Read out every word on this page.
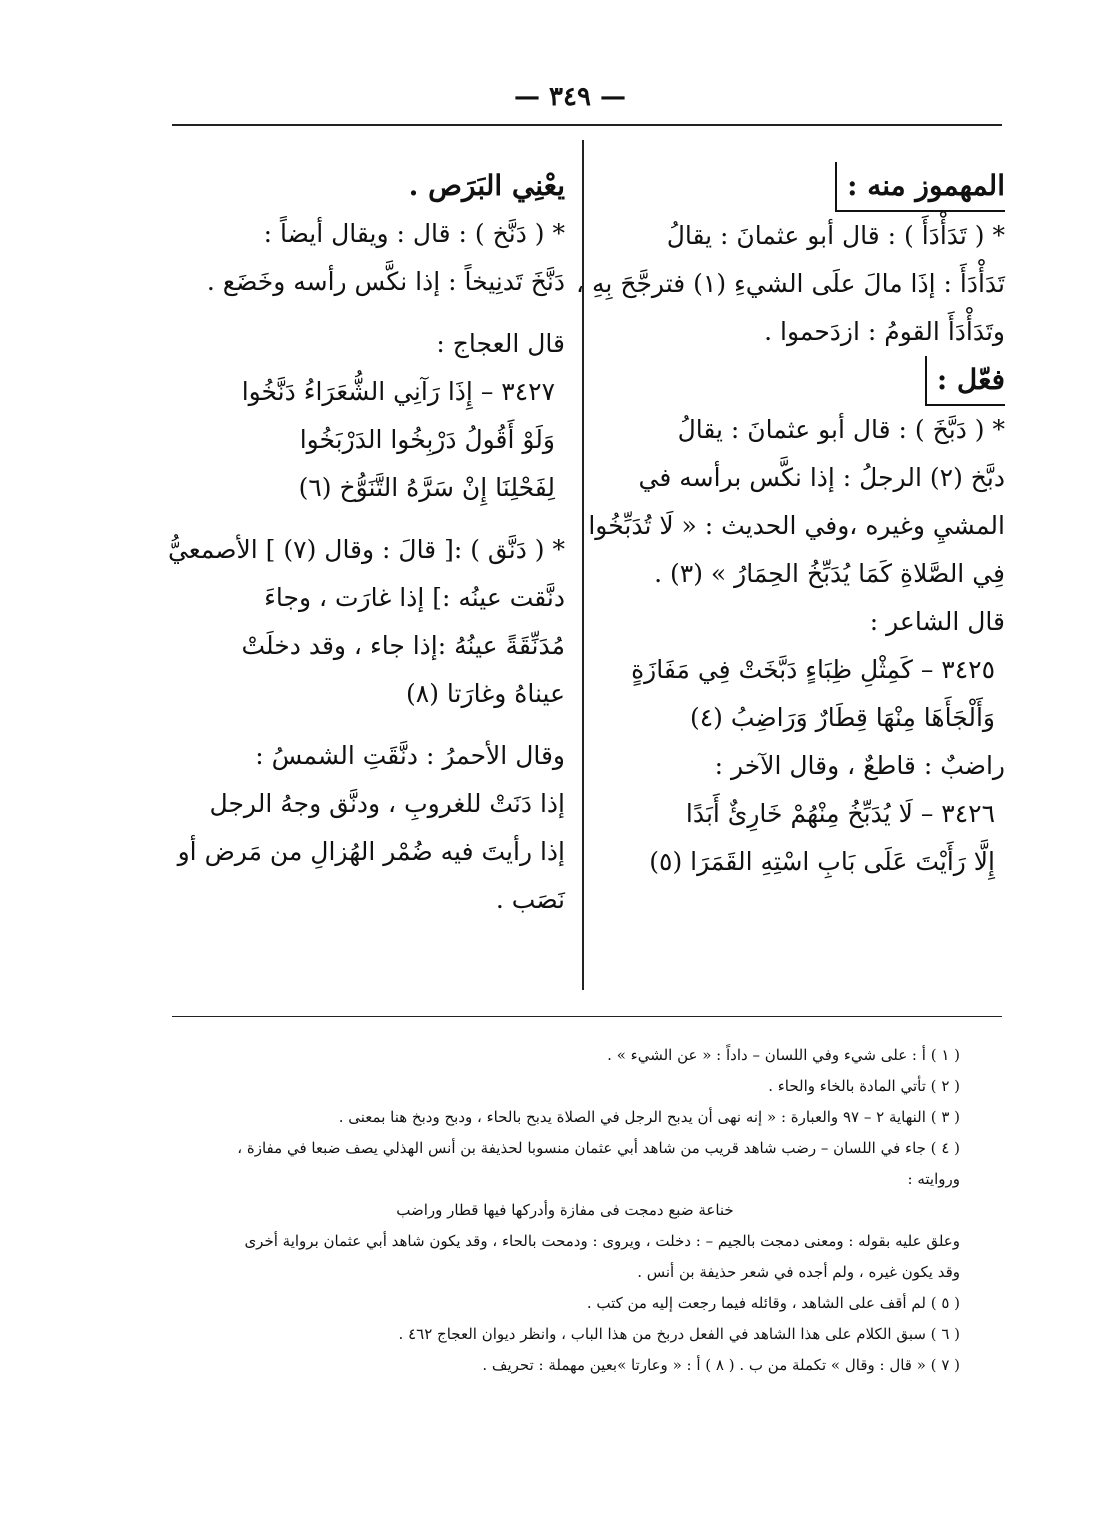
— ٣٤٩ —

المهموز منه :

* ( تَدَأْدَأَ ) : قال أبو عثمانَ : يقالُ

تَدَأْدَأَ : إذَا مالَ علَى الشيءِ (١) فترجَّحَ بِهِ ،

وتَدَأْدَأَ القومُ : ازدَحموا .

فعّل :

* ( دَبَّخَ ) : قال أبو عثمانَ : يقالُ

دبَّخ (٢) الرجلُ : إذا نكَّس برأسه في

المشيِ وغيره ،وفي الحديث : « لَا تُدَبِّخُوا

فِي الصَّلاةِ كَمَا يُدَبِّخُ الحِمَارُ » (٣) .

قال الشاعر :

٣٤٢٥ – كَمِثْلِ ظِبَاءٍ دَبَّخَتْ فِي مَفَازَةٍ

وَأَلْجَأَهَا مِنْهَا قِطَارٌ وَرَاضِبُ (٤)

راضبٌ : قاطعٌ ، وقال الآخر :

٣٤٢٦ – لَا يُدَبِّخُ مِنْهُمْ خَارِئٌ أَبَدًا

إِلَّا رَأَيْتَ عَلَى بَابِ اسْتِهِ القَمَرَا (٥)

يعْنِي البَرَص .

* ( دَنَّخ ) : قال : ويقال أيضاً :

دَنَّخَ تَدنِيخاً : إذا نكَّس رأسه وخَضَع .

قال العجاج :

٣٤٢٧ – إِذَا رَآنِي الشُّعَرَاءُ دَنَّخُوا

وَلَوْ أَقُولُ دَرْبِخُوا الدَرْبَخُوا

لِفَحْلِنَا إِنْ سَرَّهُ التَّنَوُّخ (٦)

* ( دَنَّق ) :[ قالَ : وقال (٧) ] الأصمعيُّ

دنَّقت عينُه :] إذا غارَت ، وجاءَ

مُدَنِّقَةً عينُهُ :إذا جاء ، وقد دخلَتْ

عيناهُ وغارَتا (٨)

وقال الأحمرُ : دنَّقَتِ الشمسُ :

إذا دَنَتْ للغروبِ ، ودنَّق وجهُ الرجل

إذا رأيتَ فيه ضُمْر الهُزالِ من مَرض أو

نَصَب .

( ١ ) أ : على شيء وفي اللسان – داداً : « عن الشيء » .

( ٢ ) تأتي المادة بالخاء والحاء .

( ٣ ) النهاية ٢ – ٩٧ والعبارة : « إنه نهى أن يدبح الرجل في الصلاة يدبح بالحاء ، ودبح ودبخ هنا بمعنى .

( ٤ ) جاء في اللسان – رضب شاهد قريب من شاهد أبي عثمان منسوبا لحذيفة بن أنس الهذلي يصف ضبعا في مفازة ،

وروايته :

خناعة ضبع دمجت فى مفازة وأدركها فيها قطار وراضب

وعلق عليه بقوله : ومعنى دمجت بالجيم – : دخلت ، ويروى : ودمحت بالحاء ، وقد يكون شاهد أبي عثمان برواية أخرى

وقد يكون غيره ، ولم أجده في شعر حذيفة بن أنس .

( ٥ ) لم أقف على الشاهد ، وقائله فيما رجعت إليه من كتب .

( ٦ ) سبق الكلام على هذا الشاهد في الفعل دربخ من هذا الباب ، وانظر ديوان العجاج ٤٦٢ .

( ٧ ) « قال : وقال » تكملة من ب . ( ٨ ) أ : « وعارتا »بعين مهملة : تحريف .
